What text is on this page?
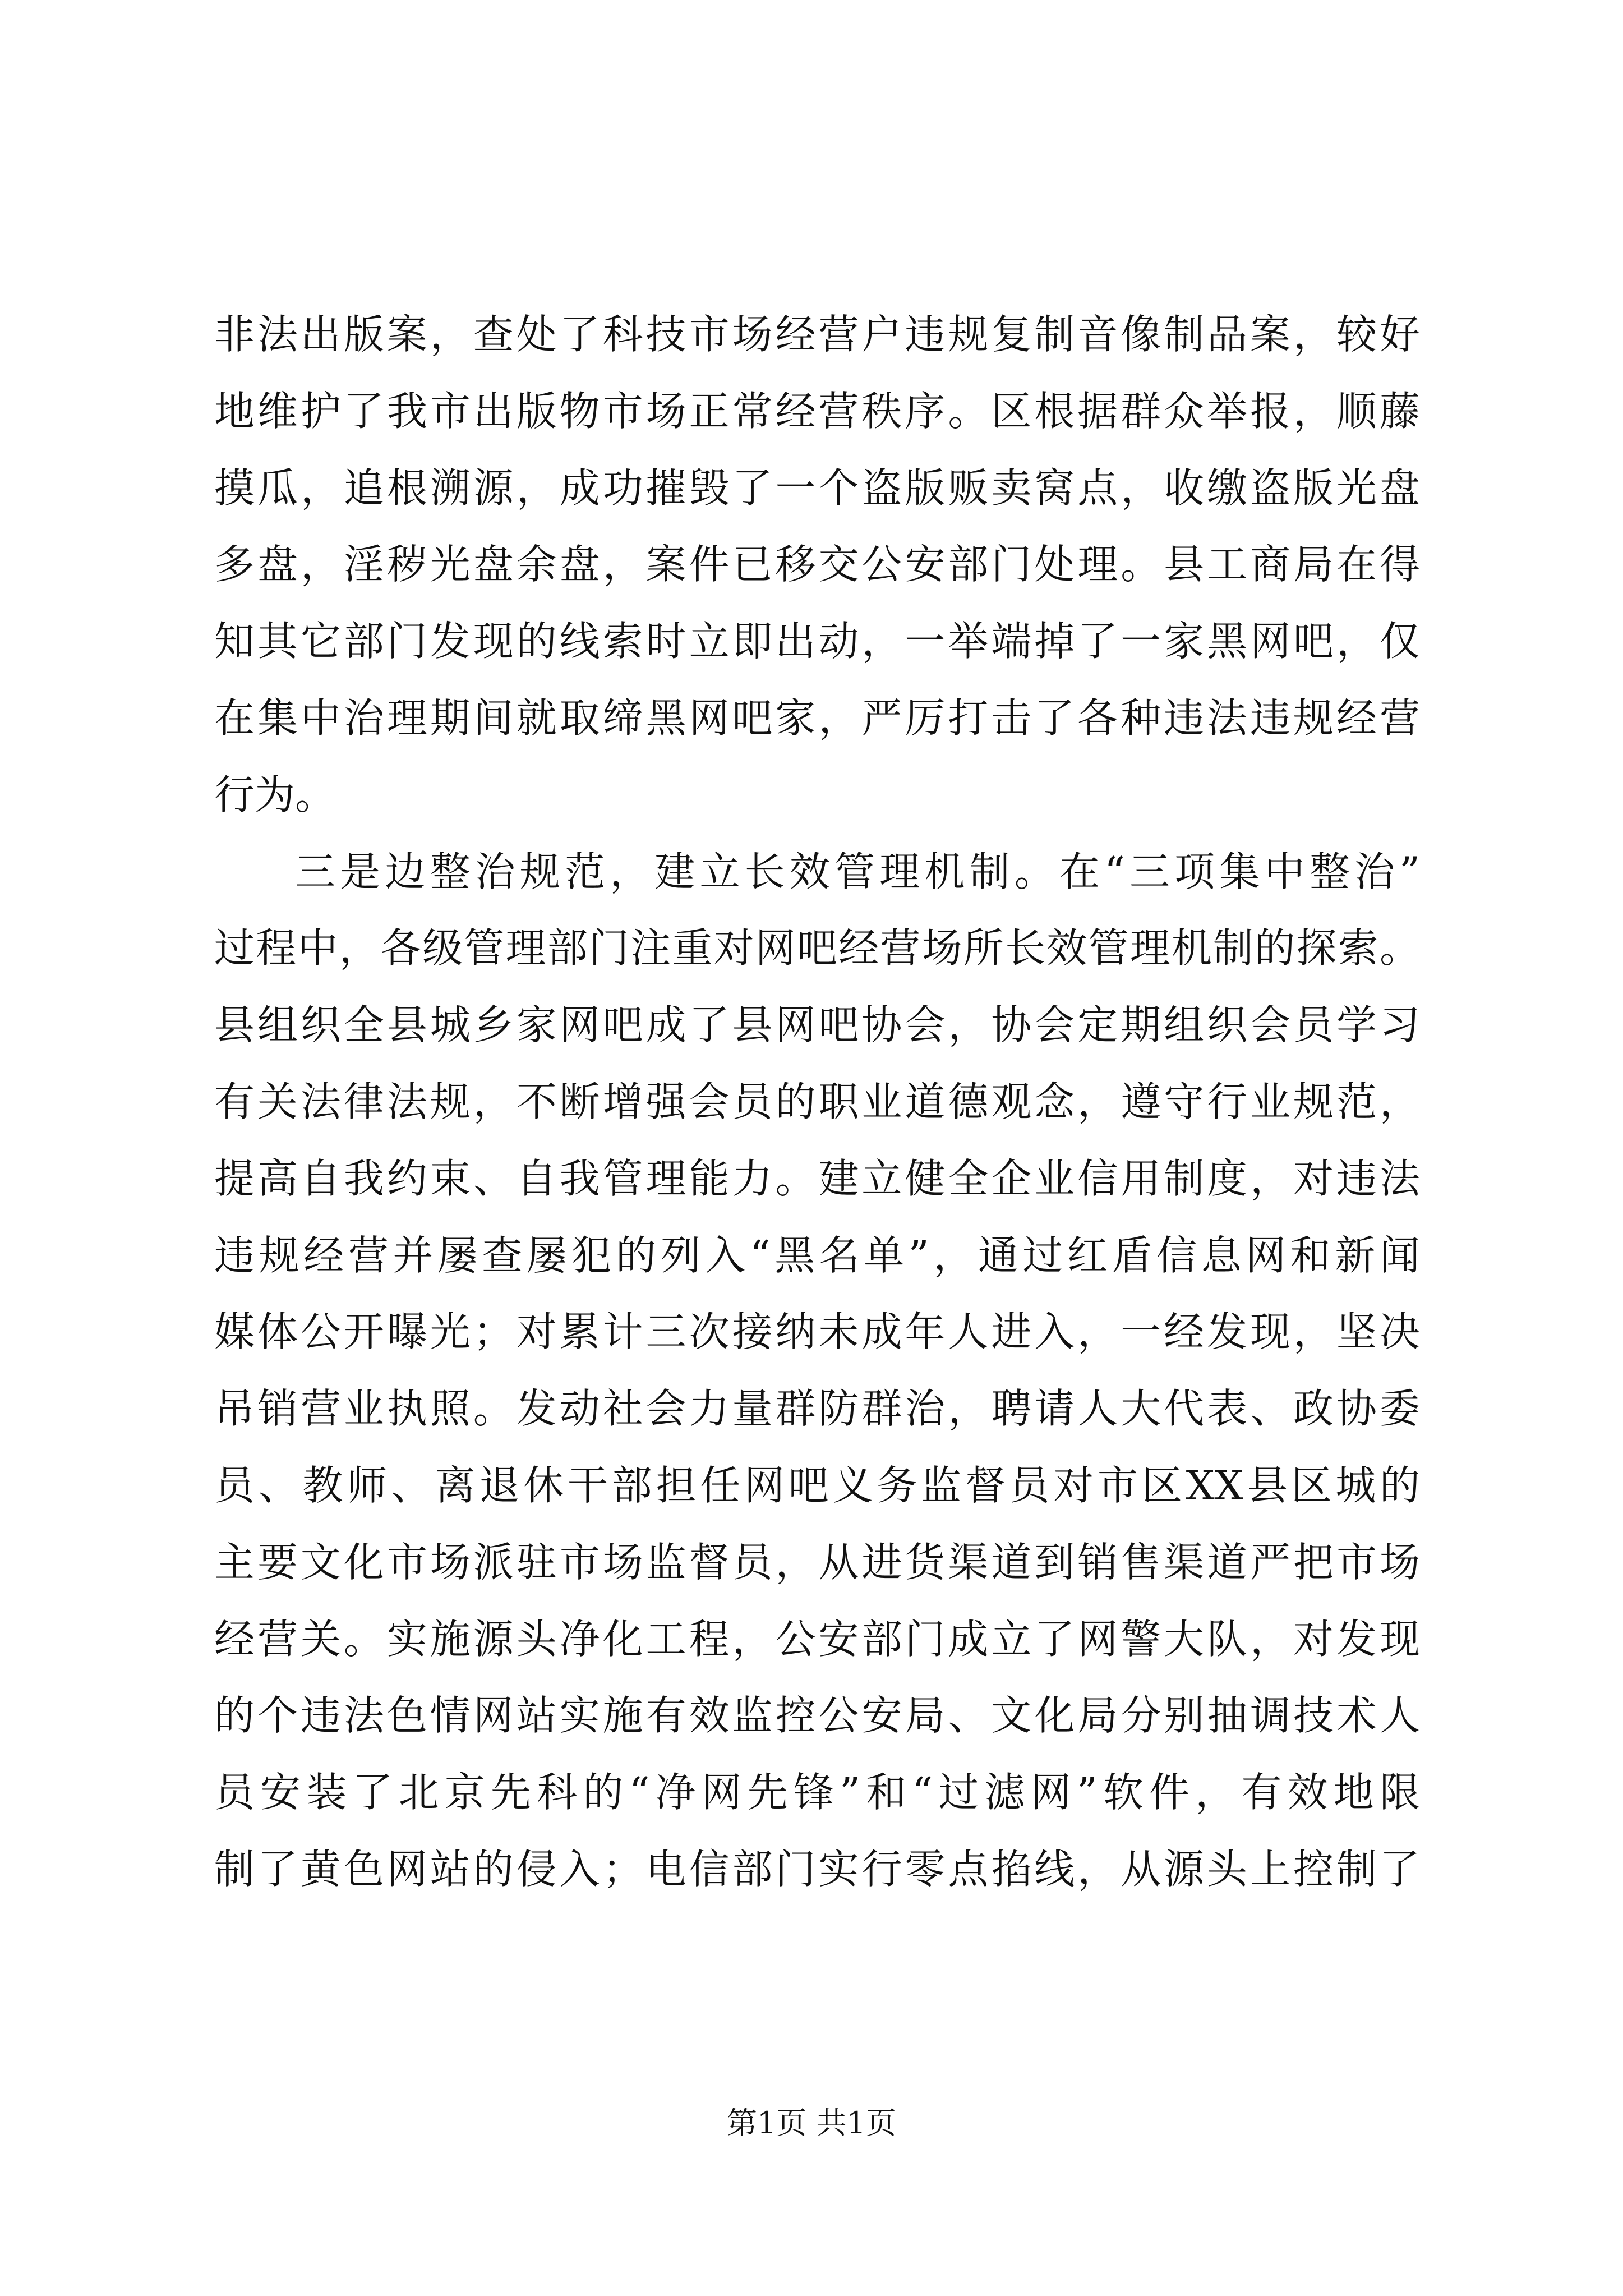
非法出版案，查处了科技市场经营户违规复制音像制品案，较好
地维护了我市出版物市场正常经营秩序。区根据群众举报，顺藤
摸瓜，追根溯源，成功摧毁了一个盗版贩卖窝点，收缴盗版光盘
多盘，淫秽光盘余盘，案件已移交公安部门处理。县工商局在得
知其它部门发现的线索时立即出动，一举端掉了一家黑网吧，仅
在集中治理期间就取缔黑网吧家，严厉打击了各种违法违规经营
行为。
三是边整治规范，建立长效管理机制。在“三项集中整治”
过程中，各级管理部门注重对网吧经营场所长效管理机制的探索。
县组织全县城乡家网吧成了县网吧协会，协会定期组织会员学习
有关法律法规，不断增强会员的职业道德观念，遵守行业规范，
提高自我约束、自我管理能力。建立健全企业信用制度，对违法
违规经营并屡查屡犯的列入“黑名单”，通过红盾信息网和新闻
媒体公开曝光；对累计三次接纳未成年人进入，一经发现，坚决
吊销营业执照。发动社会力量群防群治，聘请人大代表、政协委
员、教师、离退休干部担任网吧义务监督员对市区XX县区城的
主要文化市场派驻市场监督员，从进货渠道到销售渠道严把市场
经营关。实施源头净化工程，公安部门成立了网警大队，对发现
的个违法色情网站实施有效监控公安局、文化局分别抽调技术人
员安装了北京先科的“净网先锋”和“过滤网”软件，有效地限
制了黄色网站的侵入；电信部门实行零点掐线，从源头上控制了
第1页 共1页
